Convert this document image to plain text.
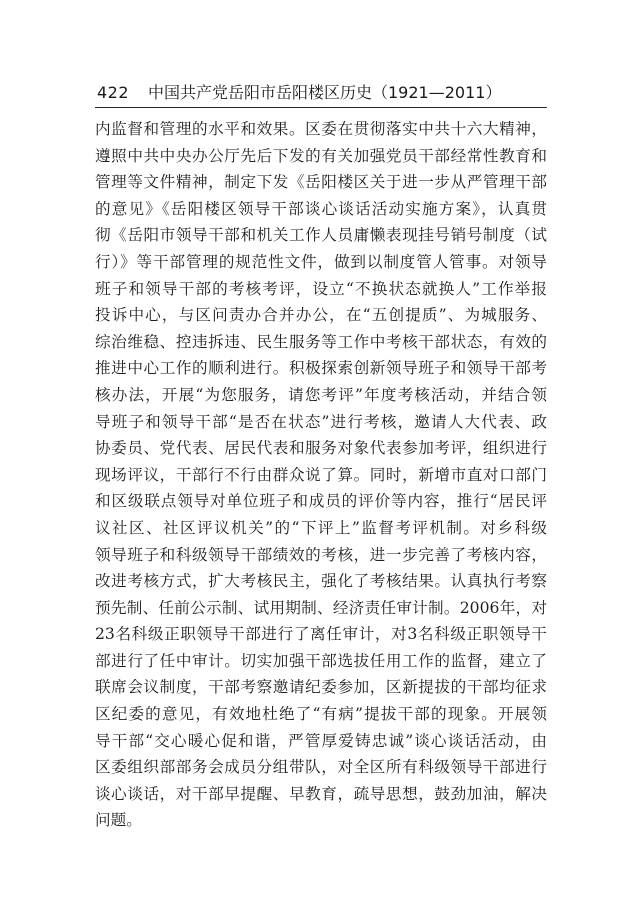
422 中国共产党岳阳市岳阳楼区历史（1921—2011）
内监督和管理的水平和效果。区委在贯彻落实中共十六大精神，
遵照中共中央办公厅先后下发的有关加强党员干部经常性教育和
管理等文件精神，制定下发《岳阳楼区关于进一步从严管理干部
的意见》《岳阳楼区领导干部谈心谈话活动实施方案》，认真贯
彻《岳阳市领导干部和机关工作人员庸懒表现挂号销号制度（试
行）》等干部管理的规范性文件，做到以制度管人管事。对领导
班子和领导干部的考核考评，设立“不换状态就换人”工作举报
投诉中心，与区问责办合并办公，在“五创提质”、为城服务、
综治维稳、控违拆违、民生服务等工作中考核干部状态，有效的
推进中心工作的顺利进行。积极探索创新领导班子和领导干部考
核办法，开展“为您服务，请您考评”年度考核活动，并结合领
导班子和领导干部“是否在状态”进行考核，邀请人大代表、政
协委员、党代表、居民代表和服务对象代表参加考评，组织进行
现场评议，干部行不行由群众说了算。同时，新增市直对口部门
和区级联点领导对单位班子和成员的评价等内容，推行“居民评
议社区、社区评议机关”的“下评上”监督考评机制。对乡科级
领导班子和科级领导干部绩效的考核，进一步完善了考核内容，
改进考核方式，扩大考核民主，强化了考核结果。认真执行考察
预先制、任前公示制、试用期制、经济责任审计制。2006年，对
23名科级正职领导干部进行了离任审计，对3名科级正职领导干
部进行了任中审计。切实加强干部选拔任用工作的监督，建立了
联席会议制度，干部考察邀请纪委参加，区新提拔的干部均征求
区纪委的意见，有效地杜绝了“有病”提拔干部的现象。开展领
导干部“交心暖心促和谐，严管厚爱铸忠诚”谈心谈话活动，由
区委组织部部务会成员分组带队，对全区所有科级领导干部进行
谈心谈话，对干部早提醒、早教育，疏导思想，鼓劲加油，解决
问题。
